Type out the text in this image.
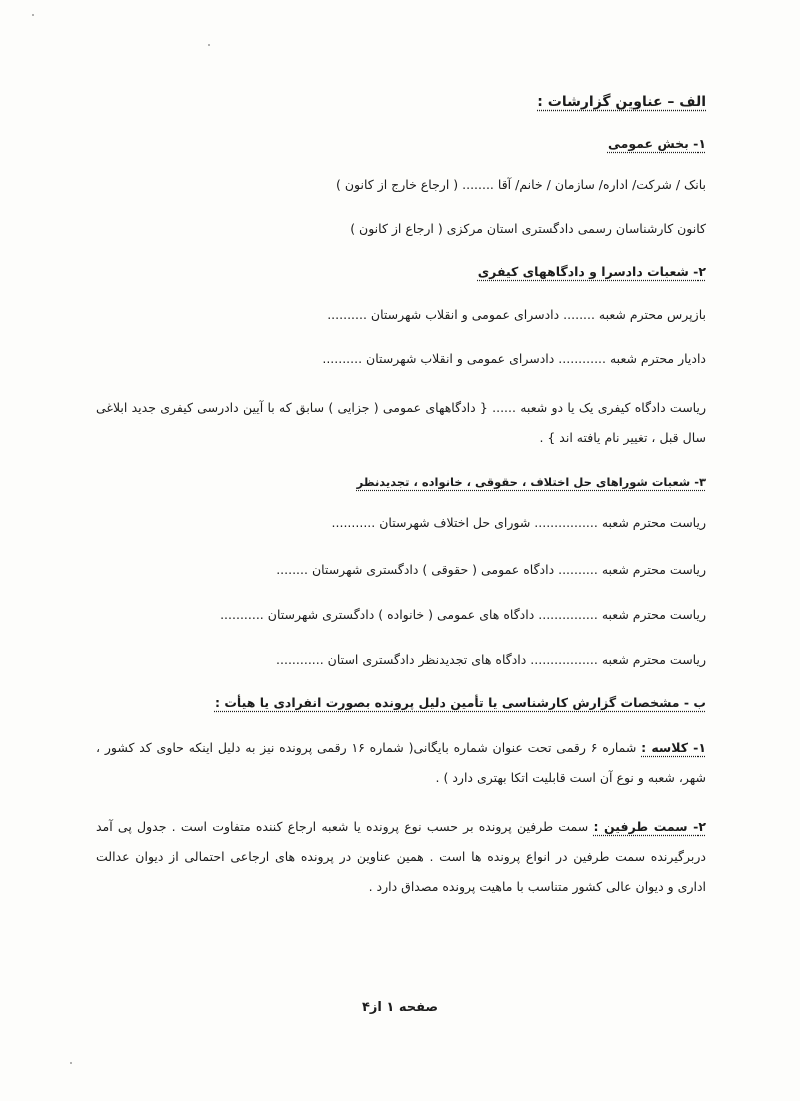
الف – عناوین گزارشات :
۱- بخش عمومی
بانک / شرکت/ اداره/ سازمان / خانم/ آقا ........ ( ارجاع خارج از کانون )
کانون کارشناسان رسمی دادگستری استان مرکزی ( ارجاع از کانون )
۲- شعبات دادسرا و دادگاههای کیفری
بازپرس محترم شعبه ........ دادسرای عمومی و انقلاب شهرستان ..........
دادیار محترم شعبه ............ دادسرای عمومی و انقلاب شهرستان ..........
ریاست دادگاه کیفری یک یا دو شعبه ...... { دادگاههای عمومی ( جزایی ) سابق که با آیین دادرسی کیفری جدید ابلاغی سال قبل ، تغییر نام یافته اند } .
۳- شعبات شوراهای حل اختلاف ، حقوقی ، خانواده ، تجدیدنظر
ریاست محترم شعبه ................ شورای حل اختلاف شهرستان ...........
ریاست محترم شعبه .......... دادگاه عمومی ( حقوقی ) دادگستری شهرستان ........
ریاست محترم شعبه ............... دادگاه های عمومی ( خانواده ) دادگستری شهرستان ...........
ریاست محترم شعبه ................. دادگاه های تجدیدنظر دادگستری استان ............
ب - مشخصات گزارش کارشناسی یا تأمین دلیل پرونده بصورت انفرادی یا هیأت :
۱- کلاسه : شماره ۶ رقمی تحت عنوان شماره بایگانی( شماره ۱۶ رقمی پرونده نیز به دلیل اینکه حاوی کد کشور ، شهر، شعبه و نوع آن است قابلیت اتکا بهتری دارد ) .
۲- سمت طرفین : سمت طرفین پرونده بر حسب نوع پرونده یا شعبه ارجاع کننده متفاوت است . جدول پی آمد دربرگیرنده سمت طرفین در انواع پرونده ها است . همین عناوین در پرونده های ارجاعی احتمالی از دیوان عدالت اداری و دیوان عالی کشور متناسب با ماهیت پرونده مصداق دارد .
صفحه ۱ از۴
